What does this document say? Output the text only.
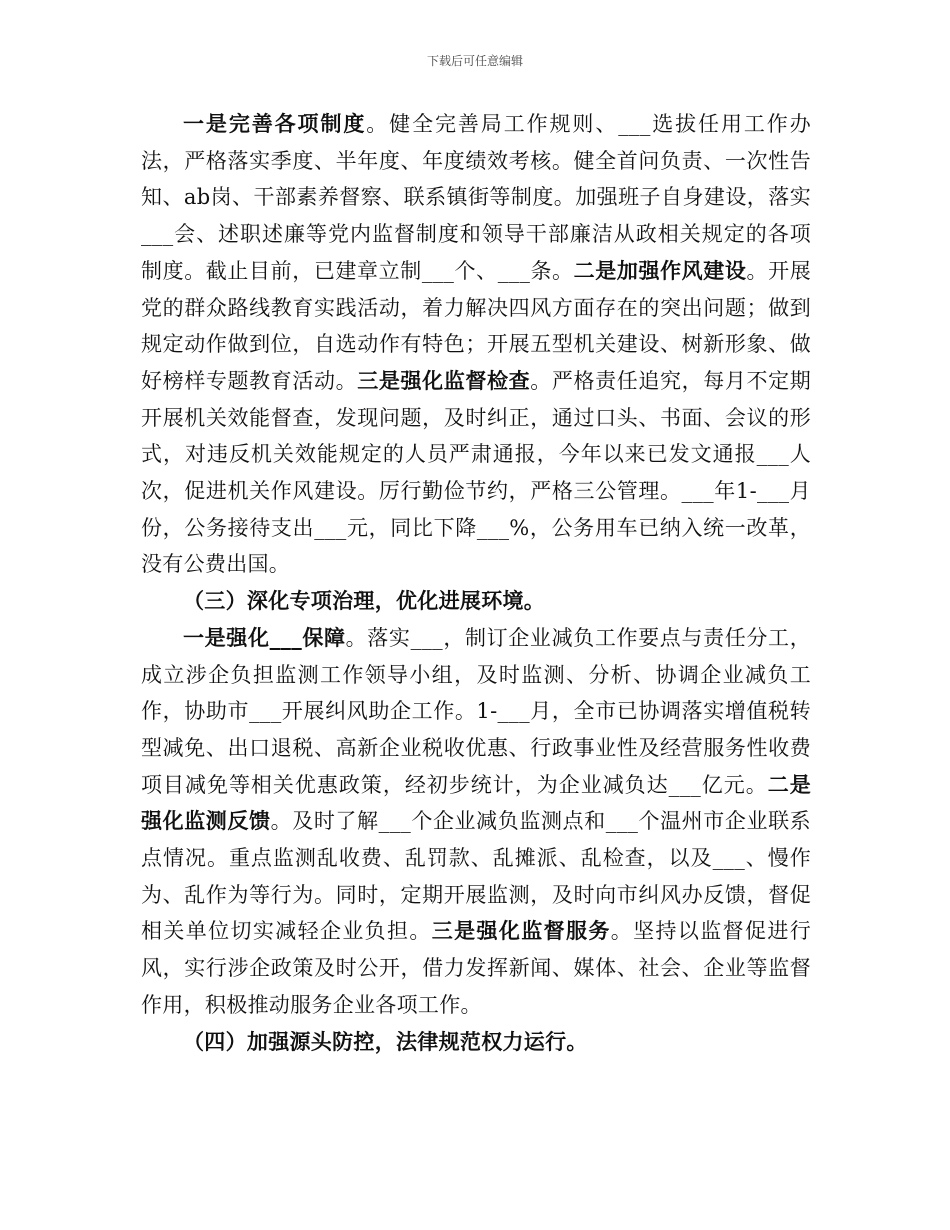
下载后可任意编辑

一是完善各项制度。健全完善局工作规则、___选拔任用工作办法，严格落实季度、半年度、年度绩效考核。健全首问负责、一次性告知、ab岗、干部素养督察、联系镇街等制度。加强班子自身建设，落实___会、述职述廉等党内监督制度和领导干部廉洁从政相关规定的各项制度。截止目前，已建章立制___个、___条。二是加强作风建设。开展党的群众路线教育实践活动，着力解决四风方面存在的突出问题；做到规定动作做到位，自选动作有特色；开展五型机关建设、树新形象、做好榜样专题教育活动。三是强化监督检查。严格责任追究，每月不定期开展机关效能督查，发现问题，及时纠正，通过口头、书面、会议的形式，对违反机关效能规定的人员严肃通报，今年以来已发文通报___人次，促进机关作风建设。厉行勤俭节约，严格三公管理。___年1-___月份，公务接待支出___元，同比下降___%，公务用车已纳入统一改革，没有公费出国。

（三）深化专项治理，优化进展环境。

一是强化___保障。落实___，制订企业减负工作要点与责任分工，成立涉企负担监测工作领导小组，及时监测、分析、协调企业减负工作，协助市___开展纠风助企工作。1-___月，全市已协调落实增值税转型减免、出口退税、高新企业税收优惠、行政事业性及经营服务性收费项目减免等相关优惠政策，经初步统计，为企业减负达___亿元。二是强化监测反馈。及时了解___个企业减负监测点和___个温州市企业联系点情况。重点监测乱收费、乱罚款、乱摊派、乱检查，以及___、慢作为、乱作为等行为。同时，定期开展监测，及时向市纠风办反馈，督促相关单位切实减轻企业负担。三是强化监督服务。坚持以监督促进行风，实行涉企政策及时公开，借力发挥新闻、媒体、社会、企业等监督作用，积极推动服务企业各项工作。

（四）加强源头防控，法律规范权力运行。
